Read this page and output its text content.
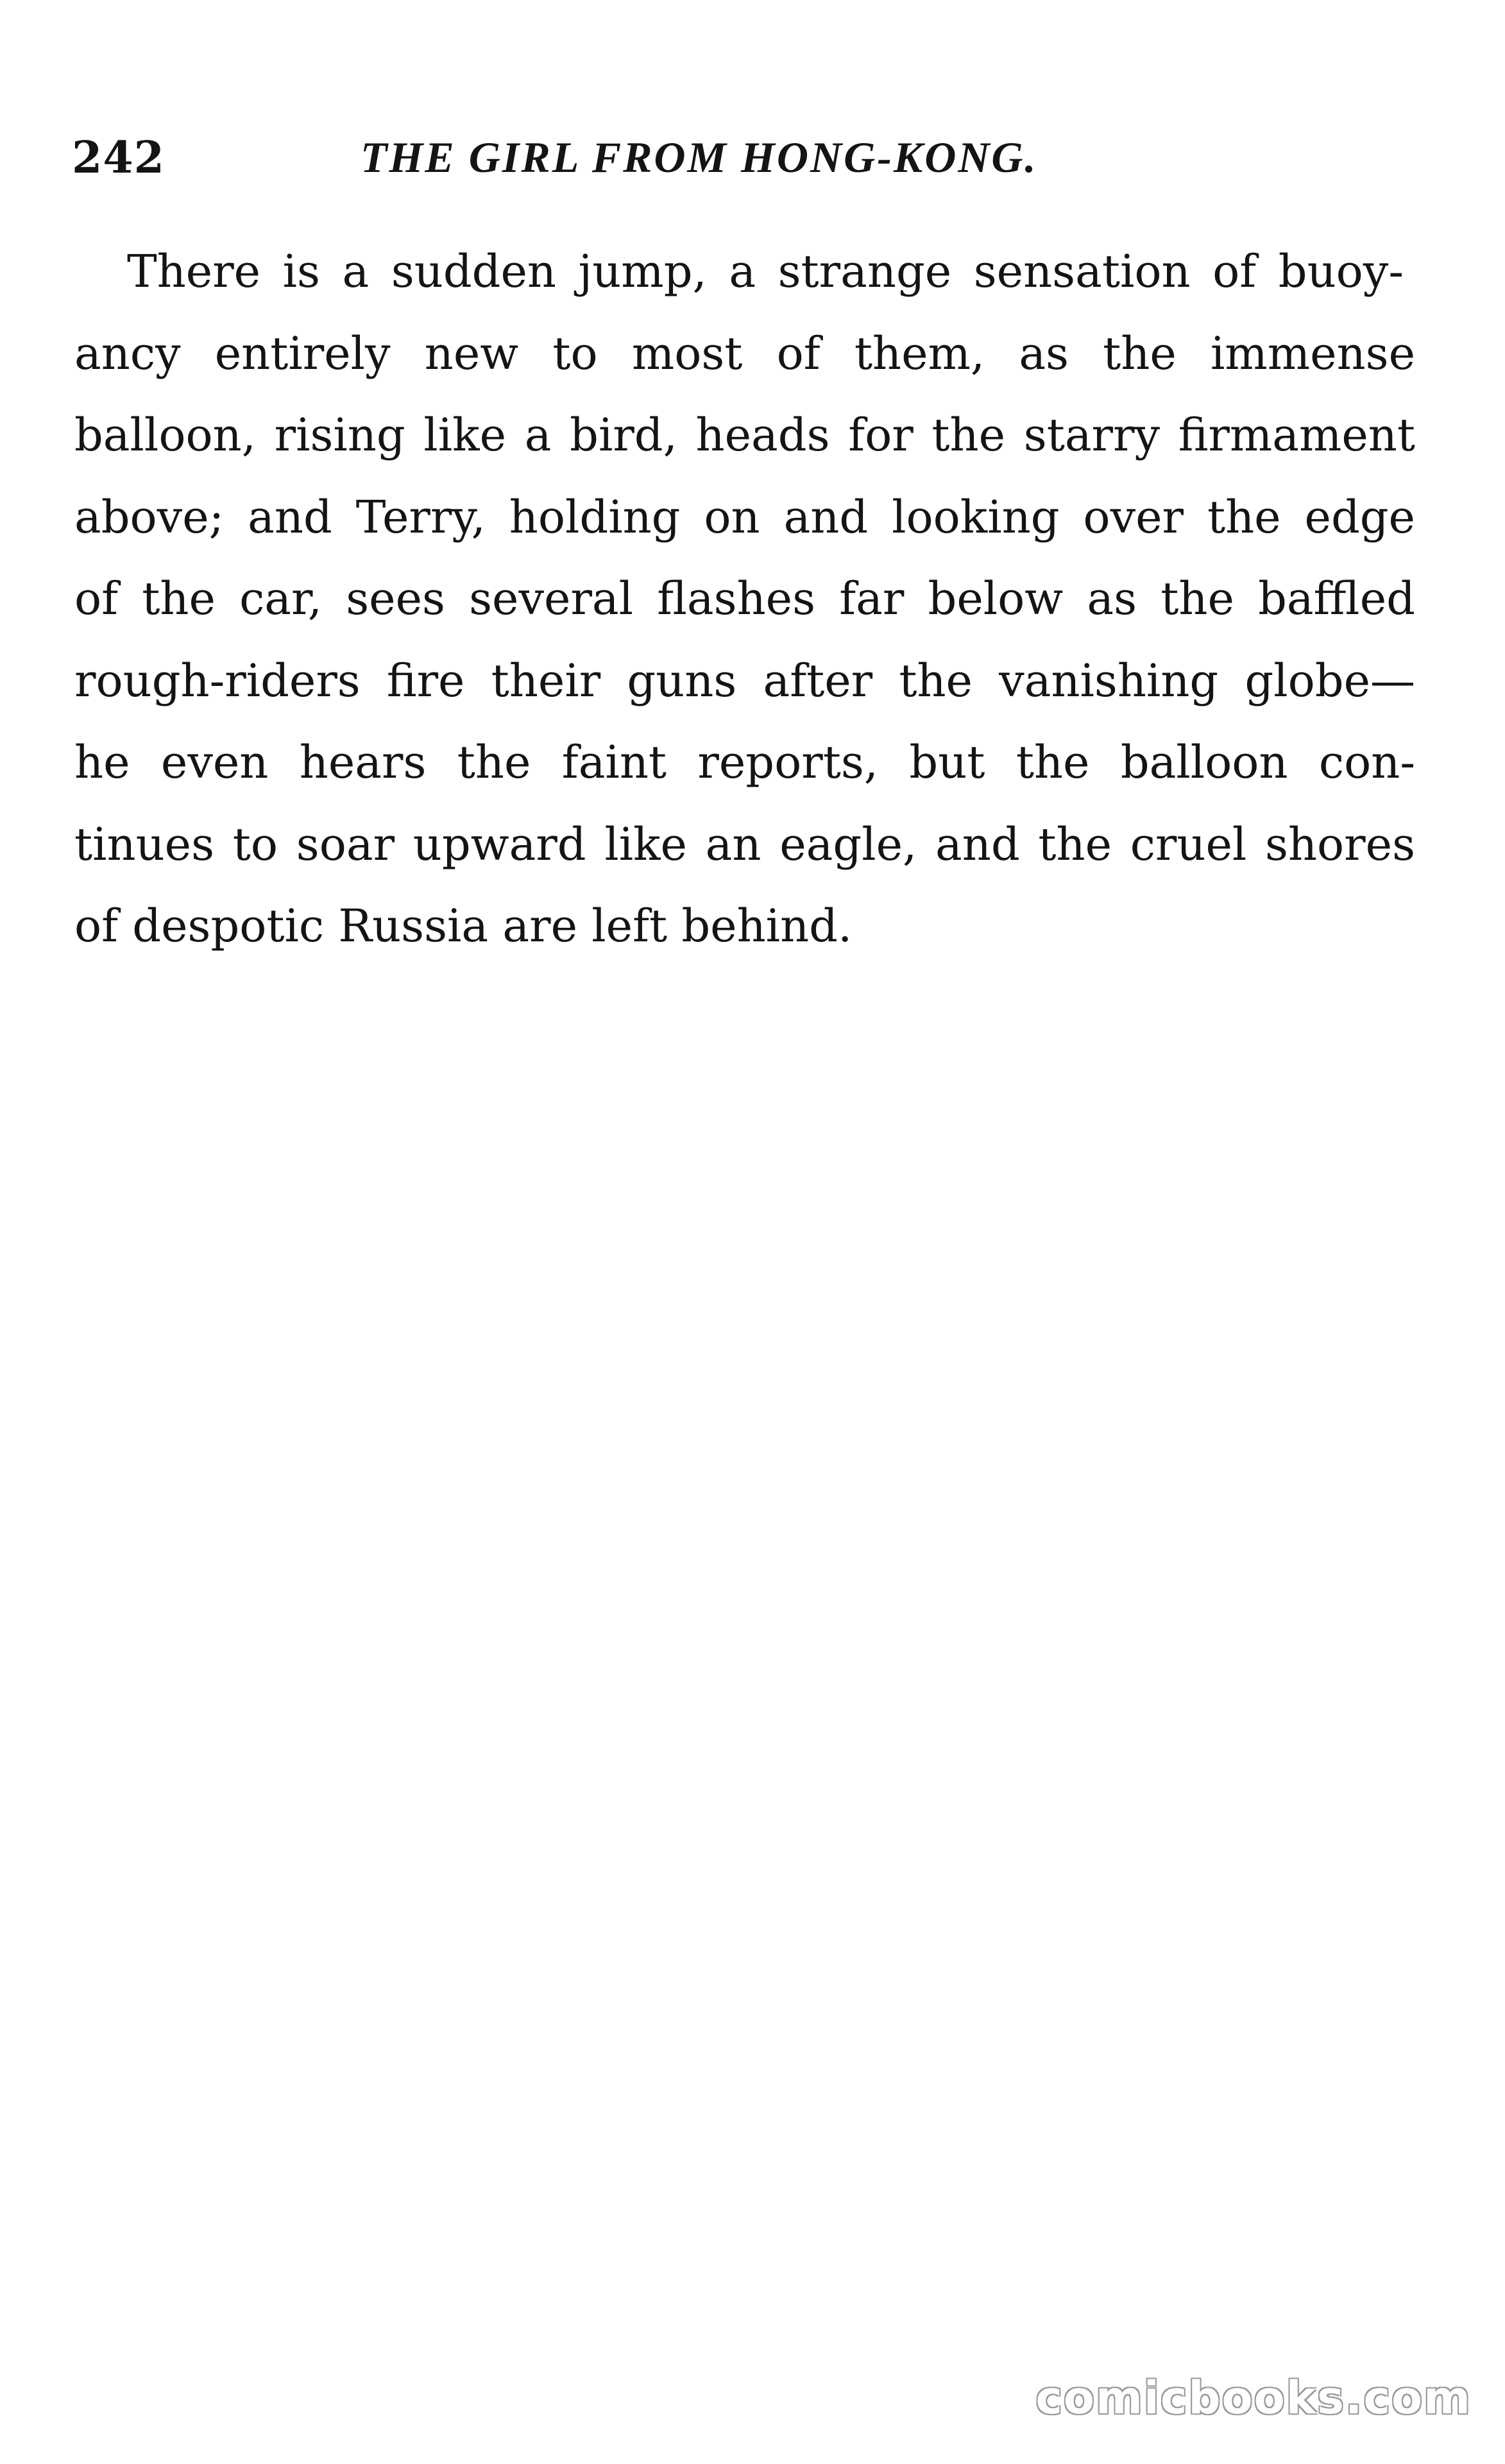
242	THE GIRL FROM HONG-KONG.

There is a sudden jump, a strange sensation of buoy-
ancy entirely new to most of them, as the immense
balloon, rising like a bird, heads for the starry firmament
above; and Terry, holding on and looking over the edge
of the car, sees several flashes far below as the baffled
rough-riders fire their guns after the vanishing globe—
he even hears the faint reports, but the balloon con-
tinues to soar upward like an eagle, and the cruel shores
of despotic Russia are left behind.

comicbooks.com
